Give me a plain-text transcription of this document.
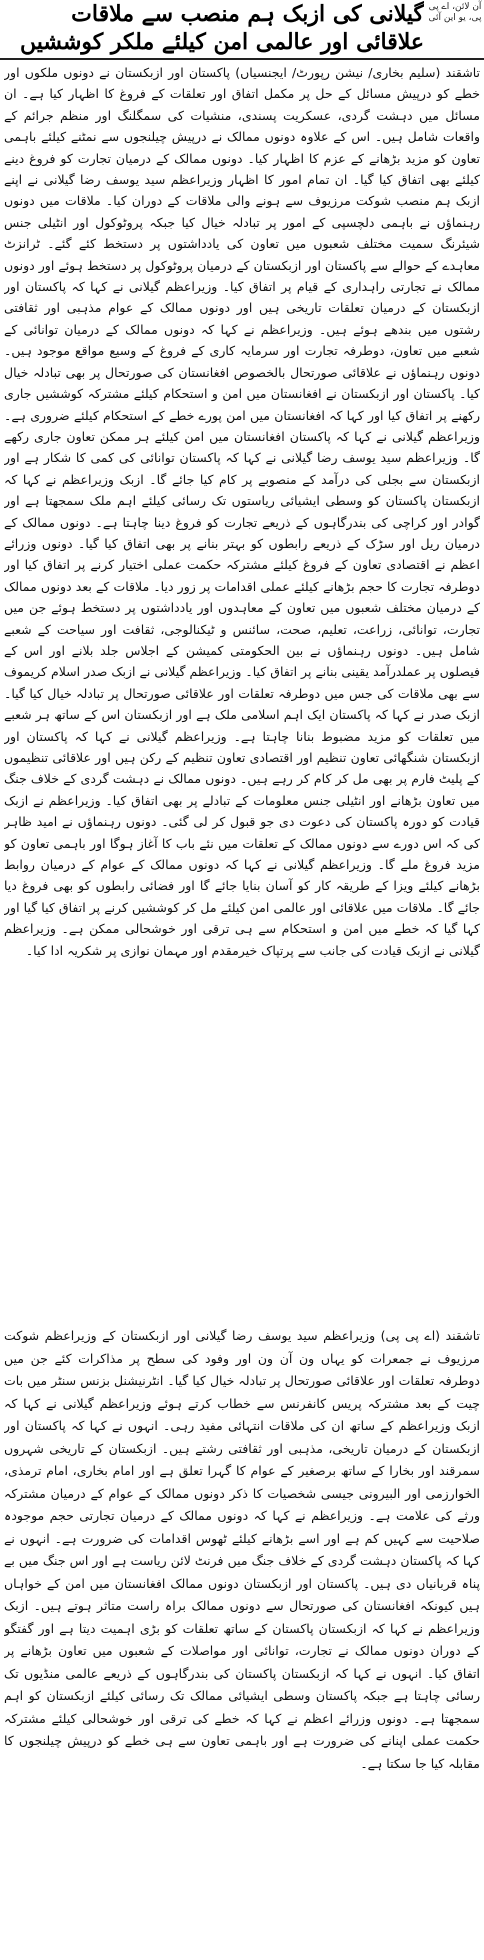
آن لائن، اے پی پی، یو این آئی
گیلانی کی ازبک ہم منصب سے ملاقات علاقائی اور عالمی امن کیلئے ملکر کوششیں

تاشقند (سلیم بخاری/ نیشن رپورٹ/ ایجنسیاں) پاکستان اور ازبکستان نے دونوں ملکوں اور خطے کو درپیش مسائل کے حل پر مکمل اتفاق اور تعلقات کے فروغ کا اظہار کیا ہے۔ ان مسائل میں دہشت گردی، عسکریت پسندی، منشیات کی سمگلنگ اور منظم جرائم کے واقعات شامل ہیں۔ اس کے علاوہ دونوں ممالک نے درپیش چیلنجوں سے نمٹنے کیلئے باہمی تعاون کو مزید بڑھانے کے عزم کا اظہار کیا۔ دونوں ممالک کے درمیان تجارت کو فروغ دینے کیلئے بھی اتفاق کیا گیا۔ ان تمام امور کا اظہار وزیراعظم سید یوسف رضا گیلانی نے اپنے ازبک ہم منصب شوکت مرزیوف سے ہونے والی ملاقات کے دوران کیا۔ ملاقات میں دونوں رہنماؤں نے باہمی دلچسپی کے امور پر تبادلہ خیال کیا جبکہ پروٹوکول اور انٹیلی جنس شیئرنگ سمیت مختلف شعبوں میں تعاون کی یادداشتوں پر دستخط کئے گئے۔ ٹرانزٹ معاہدے کے حوالے سے پاکستان اور ازبکستان کے درمیان پروٹوکول پر دستخط ہوئے اور دونوں ممالک نے تجارتی راہداری کے قیام پر اتفاق کیا۔ وزیراعظم گیلانی نے کہا کہ پاکستان اور ازبکستان کے درمیان تعلقات تاریخی ہیں اور دونوں ممالک کے عوام مذہبی اور ثقافتی رشتوں میں بندھے ہوئے ہیں۔ وزیراعظم نے کہا کہ دونوں ممالک کے درمیان توانائی کے شعبے میں تعاون، دوطرفہ تجارت اور سرمایہ کاری کے فروغ کے وسیع مواقع موجود ہیں۔ دونوں رہنماؤں نے علاقائی صورتحال بالخصوص افغانستان کی صورتحال پر بھی تبادلہ خیال کیا۔ پاکستان اور ازبکستان نے افغانستان میں امن و استحکام کیلئے مشترکہ کوششیں جاری رکھنے پر اتفاق کیا اور کہا کہ افغانستان میں امن پورے خطے کے استحکام کیلئے ضروری ہے۔ وزیراعظم گیلانی نے کہا کہ پاکستان افغانستان میں امن کیلئے ہر ممکن تعاون جاری رکھے گا۔ وزیراعظم سید یوسف رضا گیلانی نے کہا کہ پاکستان توانائی کی کمی کا شکار ہے اور ازبکستان سے بجلی کی درآمد کے منصوبے پر کام کیا جائے گا۔ ازبک وزیراعظم نے کہا کہ ازبکستان پاکستان کو وسطی ایشیائی ریاستوں تک رسائی کیلئے اہم ملک سمجھتا ہے اور گوادر اور کراچی کی بندرگاہوں کے ذریعے تجارت کو فروغ دینا چاہتا ہے۔ دونوں ممالک کے درمیان ریل اور سڑک کے ذریعے رابطوں کو بہتر بنانے پر بھی اتفاق کیا گیا۔ دونوں وزرائے اعظم نے اقتصادی تعاون کے فروغ کیلئے مشترکہ حکمت عملی اختیار کرنے پر اتفاق کیا اور دوطرفہ تجارت کا حجم بڑھانے کیلئے عملی اقدامات پر زور دیا۔ ملاقات کے بعد دونوں ممالک کے درمیان مختلف شعبوں میں تعاون کے معاہدوں اور یادداشتوں پر دستخط ہوئے جن میں تجارت، توانائی، زراعت، تعلیم، صحت، سائنس و ٹیکنالوجی، ثقافت اور سیاحت کے شعبے شامل ہیں۔ دونوں رہنماؤں نے بین الحکومتی کمیشن کے اجلاس جلد بلانے اور اس کے فیصلوں پر عملدرآمد یقینی بنانے پر اتفاق کیا۔ وزیراعظم گیلانی نے ازبک صدر اسلام کریموف سے بھی ملاقات کی جس میں دوطرفہ تعلقات اور علاقائی صورتحال پر تبادلہ خیال کیا گیا۔ ازبک صدر نے کہا کہ پاکستان ایک اہم اسلامی ملک ہے اور ازبکستان اس کے ساتھ ہر شعبے میں تعلقات کو مزید مضبوط بنانا چاہتا ہے۔ وزیراعظم گیلانی نے کہا کہ پاکستان اور ازبکستان شنگھائی تعاون تنظیم اور اقتصادی تعاون تنظیم کے رکن ہیں اور علاقائی تنظیموں کے پلیٹ فارم پر بھی مل کر کام کر رہے ہیں۔ دونوں ممالک نے دہشت گردی کے خلاف جنگ میں تعاون بڑھانے اور انٹیلی جنس معلومات کے تبادلے پر بھی اتفاق کیا۔ وزیراعظم نے ازبک قیادت کو دورہ پاکستان کی دعوت دی جو قبول کر لی گئی۔ دونوں رہنماؤں نے امید ظاہر کی کہ اس دورے سے دونوں ممالک کے تعلقات میں نئے باب کا آغاز ہوگا اور باہمی تعاون کو مزید فروغ ملے گا۔ وزیراعظم گیلانی نے کہا کہ دونوں ممالک کے عوام کے درمیان روابط بڑھانے کیلئے ویزا کے طریقہ کار کو آسان بنایا جائے گا اور فضائی رابطوں کو بھی فروغ دیا جائے گا۔ ملاقات میں علاقائی اور عالمی امن کیلئے مل کر کوششیں کرنے پر اتفاق کیا گیا اور کہا گیا کہ خطے میں امن و استحکام سے ہی ترقی اور خوشحالی ممکن ہے۔ وزیراعظم گیلانی نے ازبک قیادت کی جانب سے پرتپاک خیرمقدم اور مہمان نوازی پر شکریہ ادا کیا۔

تاشقند (اے پی پی) وزیراعظم سید یوسف رضا گیلانی اور ازبکستان کے وزیراعظم شوکت مرزیوف نے جمعرات کو یہاں ون آن ون اور وفود کی سطح پر مذاکرات کئے جن میں دوطرفہ تعلقات اور علاقائی صورتحال پر تبادلہ خیال کیا گیا۔ انٹرنیشنل بزنس سنٹر میں بات چیت کے بعد مشترکہ پریس کانفرنس سے خطاب کرتے ہوئے وزیراعظم گیلانی نے کہا کہ ازبک وزیراعظم کے ساتھ ان کی ملاقات انتہائی مفید رہی۔ انہوں نے کہا کہ پاکستان اور ازبکستان کے درمیان تاریخی، مذہبی اور ثقافتی رشتے ہیں۔ ازبکستان کے تاریخی شہروں سمرقند اور بخارا کے ساتھ برصغیر کے عوام کا گہرا تعلق ہے اور امام بخاری، امام ترمذی، الخوارزمی اور البیرونی جیسی شخصیات کا ذکر دونوں ممالک کے عوام کے درمیان مشترکہ ورثے کی علامت ہے۔ وزیراعظم نے کہا کہ دونوں ممالک کے درمیان تجارتی حجم موجودہ صلاحیت سے کہیں کم ہے اور اسے بڑھانے کیلئے ٹھوس اقدامات کی ضرورت ہے۔ انہوں نے کہا کہ پاکستان دہشت گردی کے خلاف جنگ میں فرنٹ لائن ریاست ہے اور اس جنگ میں بے پناہ قربانیاں دی ہیں۔ پاکستان اور ازبکستان دونوں ممالک افغانستان میں امن کے خواہاں ہیں کیونکہ افغانستان کی صورتحال سے دونوں ممالک براہ راست متاثر ہوتے ہیں۔ ازبک وزیراعظم نے کہا کہ ازبکستان پاکستان کے ساتھ تعلقات کو بڑی اہمیت دیتا ہے اور گفتگو کے دوران دونوں ممالک نے تجارت، توانائی اور مواصلات کے شعبوں میں تعاون بڑھانے پر اتفاق کیا۔ انہوں نے کہا کہ ازبکستان پاکستان کی بندرگاہوں کے ذریعے عالمی منڈیوں تک رسائی چاہتا ہے جبکہ پاکستان وسطی ایشیائی ممالک تک رسائی کیلئے ازبکستان کو اہم سمجھتا ہے۔ دونوں وزرائے اعظم نے کہا کہ خطے کی ترقی اور خوشحالی کیلئے مشترکہ حکمت عملی اپنانے کی ضرورت ہے اور باہمی تعاون سے ہی خطے کو درپیش چیلنجوں کا مقابلہ کیا جا سکتا ہے۔
